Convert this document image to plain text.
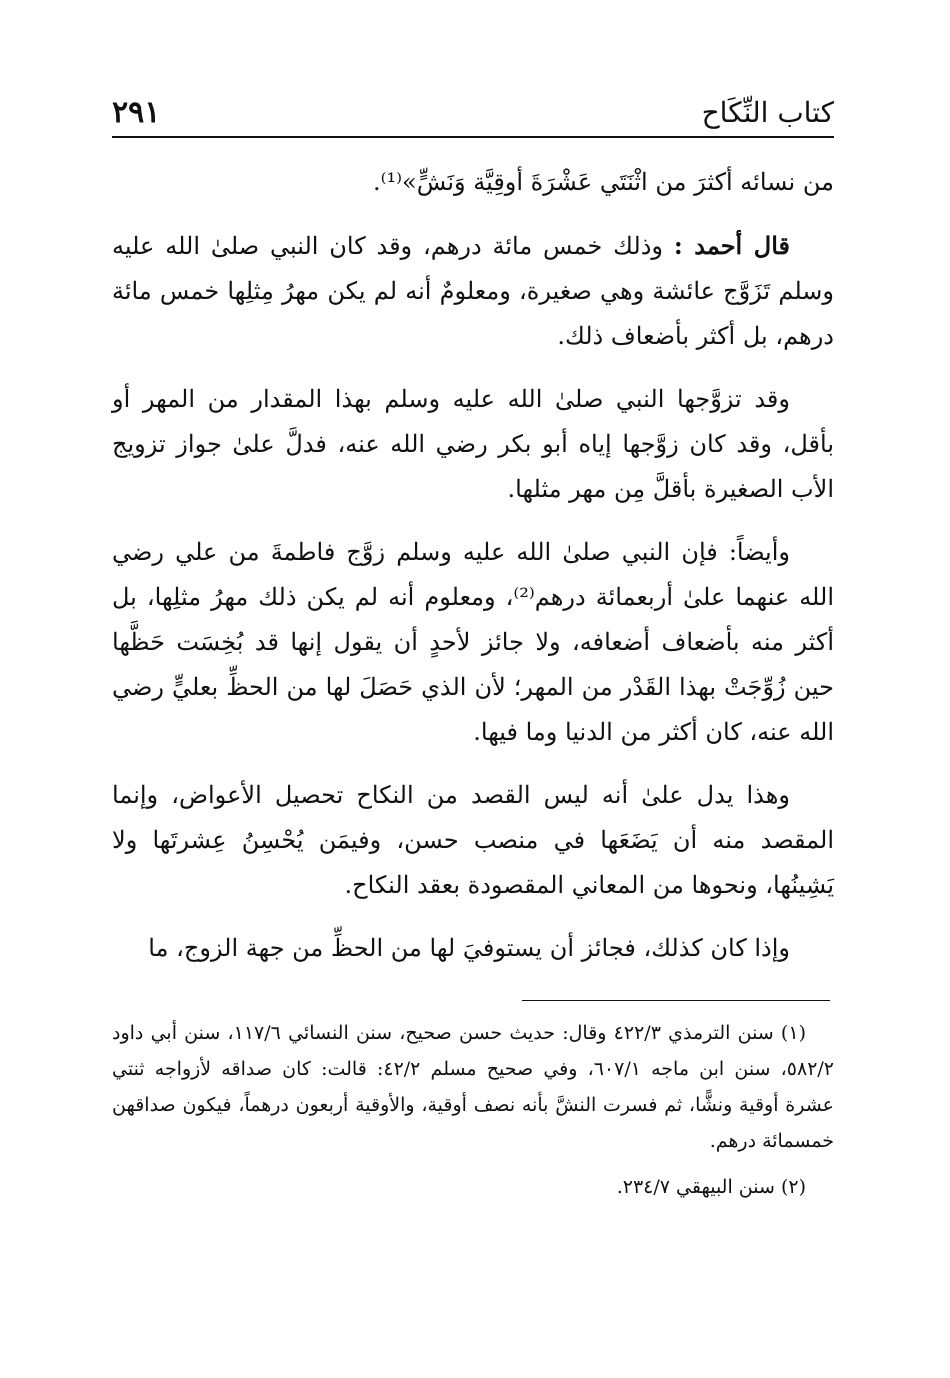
كتاب النِّكَاح
٢٩١

من نسائه أكثرَ من اثْنَتَي عَشْرَةَ أوقِيَّة وَنَشٍّ»⁽¹⁾.

قال أحمد : وذلك خمس مائة درهم، وقد كان النبي صلىٰ الله عليه وسلم تَزَوَّج عائشة وهي صغيرة، ومعلومٌ أنه لم يكن مهرُ مِثلِها خمس مائة درهم، بل أكثر بأضعاف ذلك.

وقد تزوَّجها النبي صلىٰ الله عليه وسلم بهذا المقدار من المهر أو بأقل، وقد كان زوَّجها إياه أبو بكر رضي الله عنه، فدلَّ علىٰ جواز تزويج الأب الصغيرة بأقلَّ مِن مهر مثلها.

وأيضاً: فإن النبي صلىٰ الله عليه وسلم زوَّج فاطمةَ من علي رضي الله عنهما علىٰ أربعمائة درهم⁽²⁾، ومعلوم أنه لم يكن ذلك مهرُ مثلِها، بل أكثر منه بأضعاف أضعافه، ولا جائز لأحدٍ أن يقول إنها قد بُخِسَت حَظَّها حين زُوِّجَتْ بهذا القَدْر من المهر؛ لأن الذي حَصَلَ لها من الحظِّ بعليٍّ رضي الله عنه، كان أكثر من الدنيا وما فيها.

وهذا يدل علىٰ أنه ليس القصد من النكاح تحصيل الأعواض، وإنما المقصد منه أن يَضَعَها في منصب حسن، وفيمَن يُحْسِنُ عِشرتَها ولا يَشِينُها، ونحوها من المعاني المقصودة بعقد النكاح.

وإذا كان كذلك، فجائز أن يستوفيَ لها من الحظِّ من جهة الزوج، ما

(١) سنن الترمذي ٤٢٢/٣ وقال: حديث حسن صحيح، سنن النسائي ١١٧/٦، سنن أبي داود ٥٨٢/٢، سنن ابن ماجه ٦٠٧/١، وفي صحيح مسلم ٤٢/٢: قالت: كان صداقه لأزواجه ثنتي عشرة أوقية ونشًّا، ثم فسرت النشَّ بأنه نصف أوقية، والأوقية أربعون درهماً، فيكون صداقهن خمسمائة درهم.

(٢) سنن البيهقي ٢٣٤/٧.
